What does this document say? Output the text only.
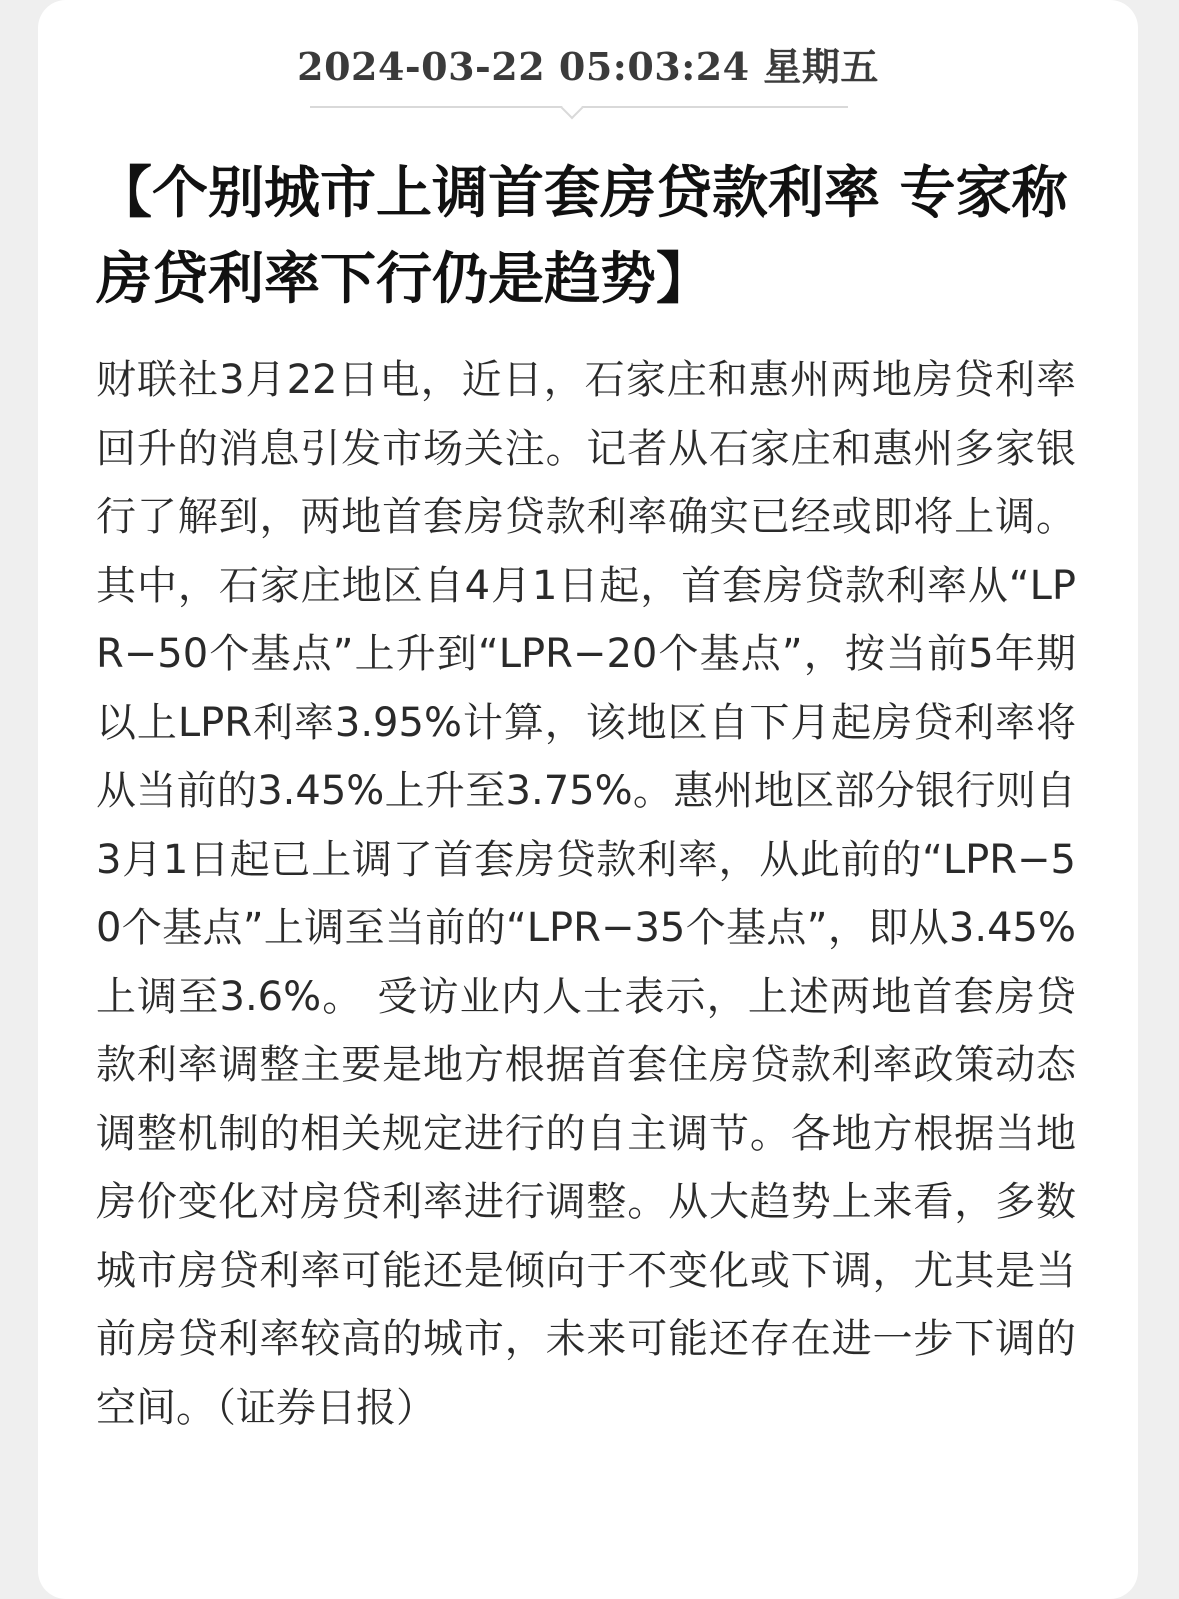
2024-03-22 05:03:24 星期五
【个别城市上调首套房贷款利率 专家称房贷利率下行仍是趋势】

财联社3月22日电，近日，石家庄和惠州两地房贷利率回升的消息引发市场关注。记者从石家庄和惠州多家银行了解到，两地首套房贷款利率确实已经或即将上调。其中，石家庄地区自4月1日起，首套房贷款利率从“LPR−50个基点”上升到“LPR−20个基点”，按当前5年期以上LPR利率3.95%计算，该地区自下月起房贷利率将从当前的3.45%上升至3.75%。惠州地区部分银行则自3月1日起已上调了首套房贷款利率，从此前的“LPR−50个基点”上调至当前的“LPR−35个基点”，即从3.45%上调至3.6%。 受访业内人士表示，上述两地首套房贷款利率调整主要是地方根据首套住房贷款利率政策动态调整机制的相关规定进行的自主调节。各地方根据当地房价变化对房贷利率进行调整。从大趋势上来看，多数城市房贷利率可能还是倾向于不变化或下调，尤其是当前房贷利率较高的城市，未来可能还存在进一步下调的空间。（证券日报）
